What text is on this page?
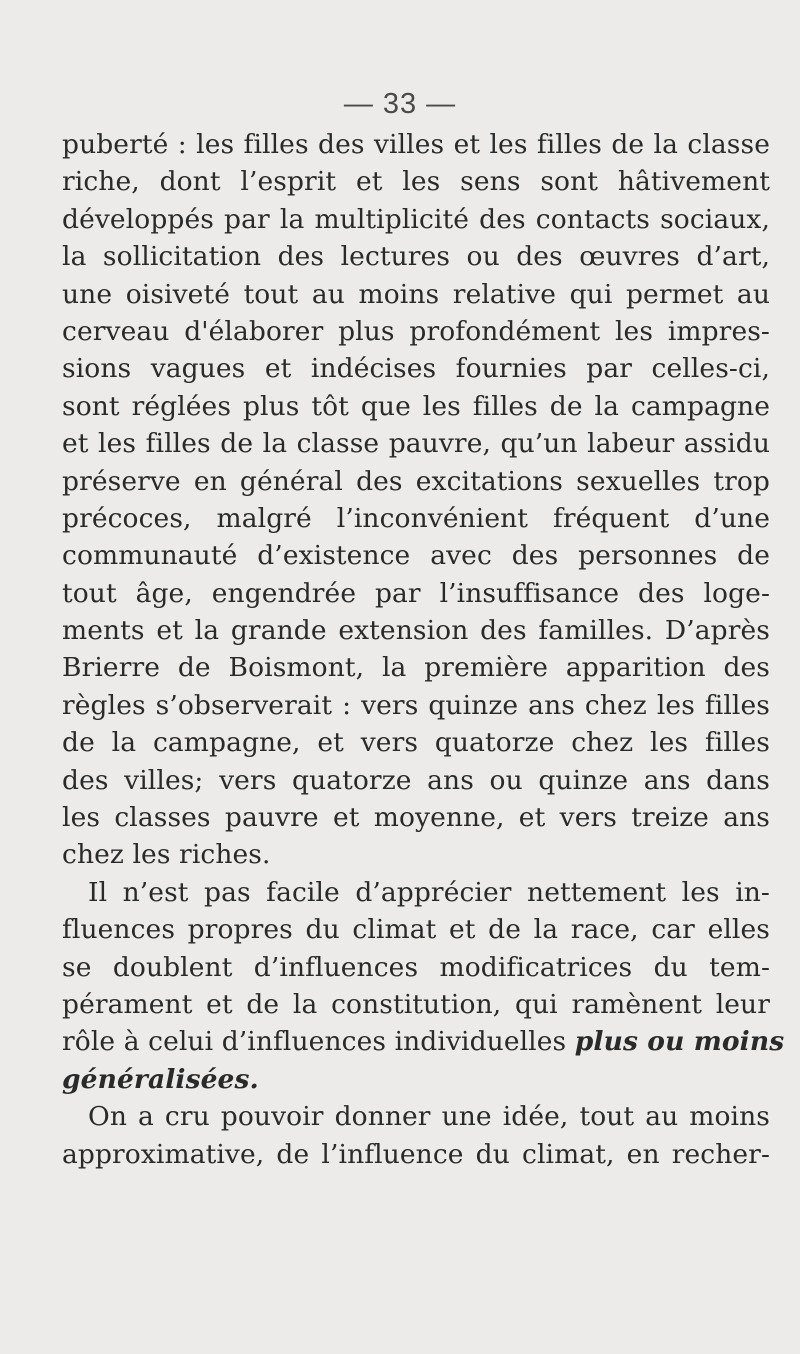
— 33 —
puberté : les filles des villes et les filles de la classe
riche, dont l’esprit et les sens sont hâtivement
développés par la multiplicité des contacts sociaux,
la sollicitation des lectures ou des œuvres d’art,
une oisiveté tout au moins relative qui permet au
cerveau d'élaborer plus profondément les impres-
sions vagues et indécises fournies par celles-ci,
sont réglées plus tôt que les filles de la campagne
et les filles de la classe pauvre, qu’un labeur assidu
préserve en général des excitations sexuelles trop
précoces, malgré l’inconvénient fréquent d’une
communauté d’existence avec des personnes de
tout âge, engendrée par l’insuffisance des loge-
ments et la grande extension des familles. D’après
Brierre de Boismont, la première apparition des
règles s’observerait : vers quinze ans chez les filles
de la campagne, et vers quatorze chez les filles
des villes; vers quatorze ans ou quinze ans dans
les classes pauvre et moyenne, et vers treize ans
chez les riches.
Il n’est pas facile d’apprécier nettement les in-
fluences propres du climat et de la race, car elles
se doublent d’influences modificatrices du tem-
pérament et de la constitution, qui ramènent leur
rôle à celui d’influences individuelles plus ou moins
généralisées.
On a cru pouvoir donner une idée, tout au moins
approximative, de l’influence du climat, en recher-
